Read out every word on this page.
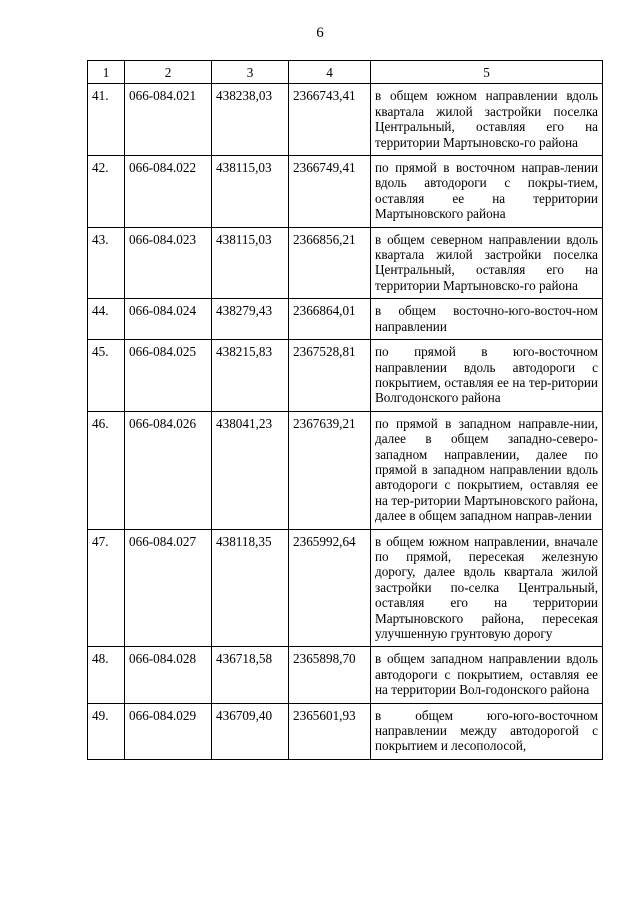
6
1	2	3	4	5
41.	066-084.021	438238,03	2366743,41	в общем южном направлении вдоль квартала жилой застройки поселка Центральный, оставляя его на территории Мартыновско-го района
42.	066-084.022	438115,03	2366749,41	по прямой в восточном направ-лении вдоль автодороги с покры-тием, оставляя ее на территории Мартыновского района
43.	066-084.023	438115,03	2366856,21	в общем северном направлении вдоль квартала жилой застройки поселка Центральный, оставляя его на территории Мартыновско-го района
44.	066-084.024	438279,43	2366864,01	в общем восточно-юго-восточ-ном направлении
45.	066-084.025	438215,83	2367528,81	по прямой в юго-восточном направлении вдоль автодороги с покрытием, оставляя ее на тер-ритории Волгодонского района
46.	066-084.026	438041,23	2367639,21	по прямой в западном направле-нии, далее в общем западно-северо-западном направлении, далее по прямой в западном направлении вдоль автодороги с покрытием, оставляя ее на тер-ритории Мартыновского района, далее в общем западном направ-лении
47.	066-084.027	438118,35	2365992,64	в общем южном направлении, вначале по прямой, пересекая железную дорогу, далее вдоль квартала жилой застройки по-селка Центральный, оставляя его на территории Мартыновского района, пересекая улучшенную грунтовую дорогу
48.	066-084.028	436718,58	2365898,70	в общем западном направлении вдоль автодороги с покрытием, оставляя ее на территории Вол-годонского района
49.	066-084.029	436709,40	2365601,93	в общем юго-юго-восточном направлении между автодорогой с покрытием и лесополосой,
